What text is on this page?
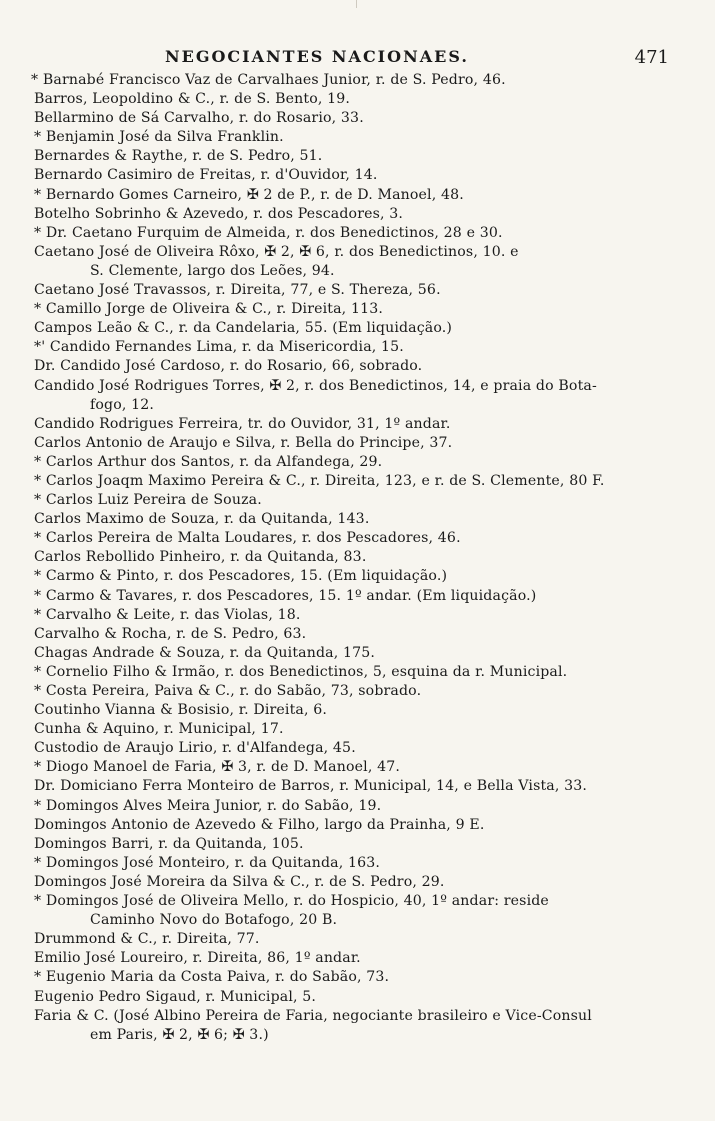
NEGOCIANTES NACIONAES.	471
* Barnabé Francisco Vaz de Carvalhaes Junior, r. de S. Pedro, 46.
Barros, Leopoldino & C., r. de S. Bento, 19.
Bellarmino de Sá Carvalho, r. do Rosario, 33.
* Benjamin José da Silva Franklin.
Bernardes & Raythe, r. de S. Pedro, 51.
Bernardo Casimiro de Freitas, r. d'Ouvidor, 14.
* Bernardo Gomes Carneiro, ✠ 2 de P., r. de D. Manoel, 48.
Botelho Sobrinho & Azevedo, r. dos Pescadores, 3.
* Dr. Caetano Furquim de Almeida, r. dos Benedictinos, 28 e 30.
Caetano José de Oliveira Rôxo, ✠ 2, ✠ 6, r. dos Benedictinos, 10. e
S. Clemente, largo dos Leões, 94.
Caetano José Travassos, r. Direita, 77, e S. Thereza, 56.
* Camillo Jorge de Oliveira & C., r. Direita, 113.
Campos Leão & C., r. da Candelaria, 55. (Em liquidação.)
*' Candido Fernandes Lima, r. da Misericordia, 15.
Dr. Candido José Cardoso, r. do Rosario, 66, sobrado.
Candido José Rodrigues Torres, ✠ 2, r. dos Benedictinos, 14, e praia do Bota-
fogo, 12.
Candido Rodrigues Ferreira, tr. do Ouvidor, 31, 1º andar.
Carlos Antonio de Araujo e Silva, r. Bella do Principe, 37.
* Carlos Arthur dos Santos, r. da Alfandega, 29.
* Carlos Joaqm Maximo Pereira & C., r. Direita, 123, e r. de S. Clemente, 80 F.
* Carlos Luiz Pereira de Souza.
Carlos Maximo de Souza, r. da Quitanda, 143.
* Carlos Pereira de Malta Loudares, r. dos Pescadores, 46.
Carlos Rebollido Pinheiro, r. da Quitanda, 83.
* Carmo & Pinto, r. dos Pescadores, 15. (Em liquidação.)
* Carmo & Tavares, r. dos Pescadores, 15. 1º andar. (Em liquidação.)
* Carvalho & Leite, r. das Violas, 18.
Carvalho & Rocha, r. de S. Pedro, 63.
Chagas Andrade & Souza, r. da Quitanda, 175.
* Cornelio Filho & Irmão, r. dos Benedictinos, 5, esquina da r. Municipal.
* Costa Pereira, Paiva & C., r. do Sabão, 73, sobrado.
Coutinho Vianna & Bosisio, r. Direita, 6.
Cunha & Aquino, r. Municipal, 17.
Custodio de Araujo Lirio, r. d'Alfandega, 45.
* Diogo Manoel de Faria, ✠ 3, r. de D. Manoel, 47.
Dr. Domiciano Ferra Monteiro de Barros, r. Municipal, 14, e Bella Vista, 33.
* Domingos Alves Meira Junior, r. do Sabão, 19.
Domingos Antonio de Azevedo & Filho, largo da Prainha, 9 E.
Domingos Barri, r. da Quitanda, 105.
* Domingos José Monteiro, r. da Quitanda, 163.
Domingos José Moreira da Silva & C., r. de S. Pedro, 29.
* Domingos José de Oliveira Mello, r. do Hospicio, 40, 1º andar: reside
Caminho Novo do Botafogo, 20 B.
Drummond & C., r. Direita, 77.
Emilio José Loureiro, r. Direita, 86, 1º andar.
* Eugenio Maria da Costa Paiva, r. do Sabão, 73.
Eugenio Pedro Sigaud, r. Municipal, 5.
Faria & C. (José Albino Pereira de Faria, negociante brasileiro e Vice-Consul
em Paris, ✠ 2, ✠ 6; ✠ 3.)
